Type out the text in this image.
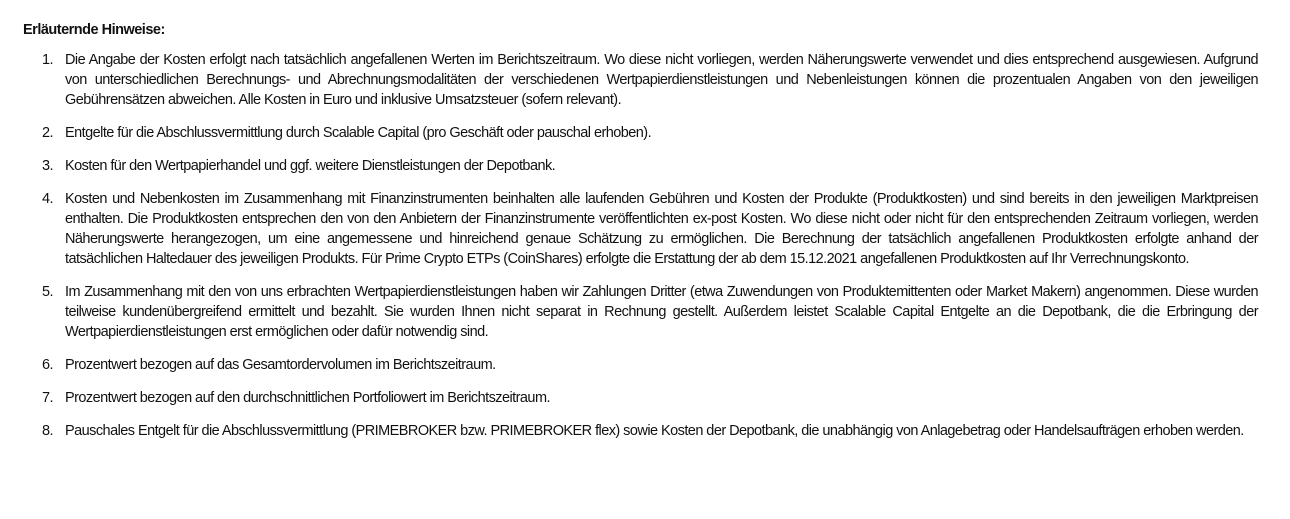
Erläuternde Hinweise:
1. Die Angabe der Kosten erfolgt nach tatsächlich angefallenen Werten im Berichtszeitraum. Wo diese nicht vorliegen, werden Näherungswerte verwendet und dies entsprechend ausgewiesen. Aufgrund von unterschiedlichen Berechnungs- und Abrechnungsmodalitäten der verschiedenen Wertpapierdienstleistungen und Nebenleistungen können die prozentualen Angaben von den jeweiligen Gebührensätzen abweichen. Alle Kosten in Euro und inklusive Umsatzsteuer (sofern relevant).
2. Entgelte für die Abschlussvermittlung durch Scalable Capital (pro Geschäft oder pauschal erhoben).
3. Kosten für den Wertpapierhandel und ggf. weitere Dienstleistungen der Depotbank.
4. Kosten und Nebenkosten im Zusammenhang mit Finanzinstrumenten beinhalten alle laufenden Gebühren und Kosten der Produkte (Produktkosten) und sind bereits in den jeweiligen Marktpreisen enthalten. Die Produktkosten entsprechen den von den Anbietern der Finanzinstrumente veröffentlichten ex-post Kosten. Wo diese nicht oder nicht für den entsprechenden Zeitraum vorliegen, werden Näherungswerte herangezogen, um eine angemessene und hinreichend genaue Schätzung zu ermöglichen. Die Berechnung der tatsächlich angefallenen Produktkosten erfolgte anhand der tatsächlichen Haltedauer des jeweiligen Produkts. Für Prime Crypto ETPs (CoinShares) erfolgte die Erstattung der ab dem 15.12.2021 angefallenen Produktkosten auf Ihr Verrechnungskonto.
5. Im Zusammenhang mit den von uns erbrachten Wertpapierdienstleistungen haben wir Zahlungen Dritter (etwa Zuwendungen von Produktemittenten oder Market Makern) angenommen. Diese wurden teilweise kundenübergreifend ermittelt und bezahlt. Sie wurden Ihnen nicht separat in Rechnung gestellt. Außerdem leistet Scalable Capital Entgelte an die Depotbank, die die Erbringung der Wertpapierdienstleistungen erst ermöglichen oder dafür notwendig sind.
6. Prozentwert bezogen auf das Gesamtordervolumen im Berichtszeitraum.
7. Prozentwert bezogen auf den durchschnittlichen Portfoliowert im Berichtszeitraum.
8. Pauschales Entgelt für die Abschlussvermittlung (PRIMEBROKER bzw. PRIMEBROKER flex) sowie Kosten der Depotbank, die unabhängig von Anlagebetrag oder Handelsaufträgen erhoben werden.
